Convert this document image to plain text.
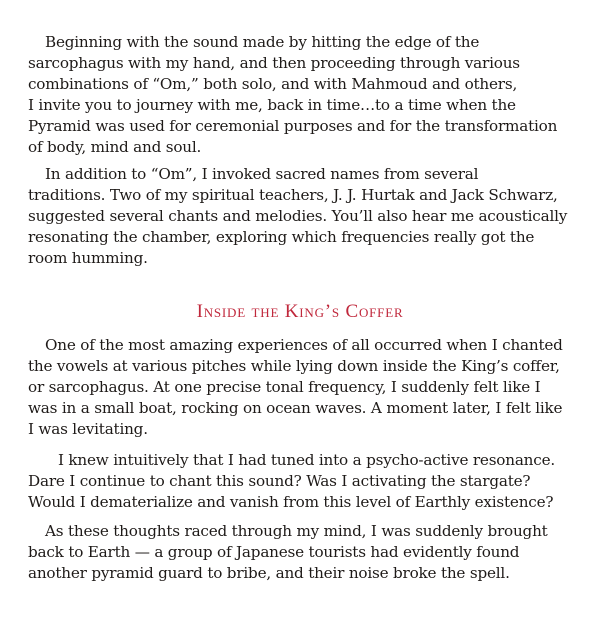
Beginning with the sound made by hitting the edge of the
sarcophagus with my hand, and then proceeding through various
combinations of “Om,” both solo, and with Mahmoud and others,
I invite you to journey with me, back in time…to a time when the
Pyramid was used for ceremonial purposes and for the transformation
of body, mind and soul.
In addition to “Om”, I invoked sacred names from several
traditions. Two of my spiritual teachers, J. J. Hurtak and Jack Schwarz,
suggested several chants and melodies. You’ll also hear me acoustically
resonating the chamber, exploring which frequencies really got the
room humming.
Inside the King’s Coffer
One of the most amazing experiences of all occurred when I chanted
the vowels at various pitches while lying down inside the King’s coffer,
or sarcophagus. At one precise tonal frequency, I suddenly felt like I
was in a small boat, rocking on ocean waves. A moment later, I felt like
I was levitating.
I knew intuitively that I had tuned into a psycho-active resonance.
Dare I continue to chant this sound? Was I activating the stargate?
Would I dematerialize and vanish from this level of Earthly existence?
As these thoughts raced through my mind, I was suddenly brought
back to Earth — a group of Japanese tourists had evidently found
another pyramid guard to bribe, and their noise broke the spell.
